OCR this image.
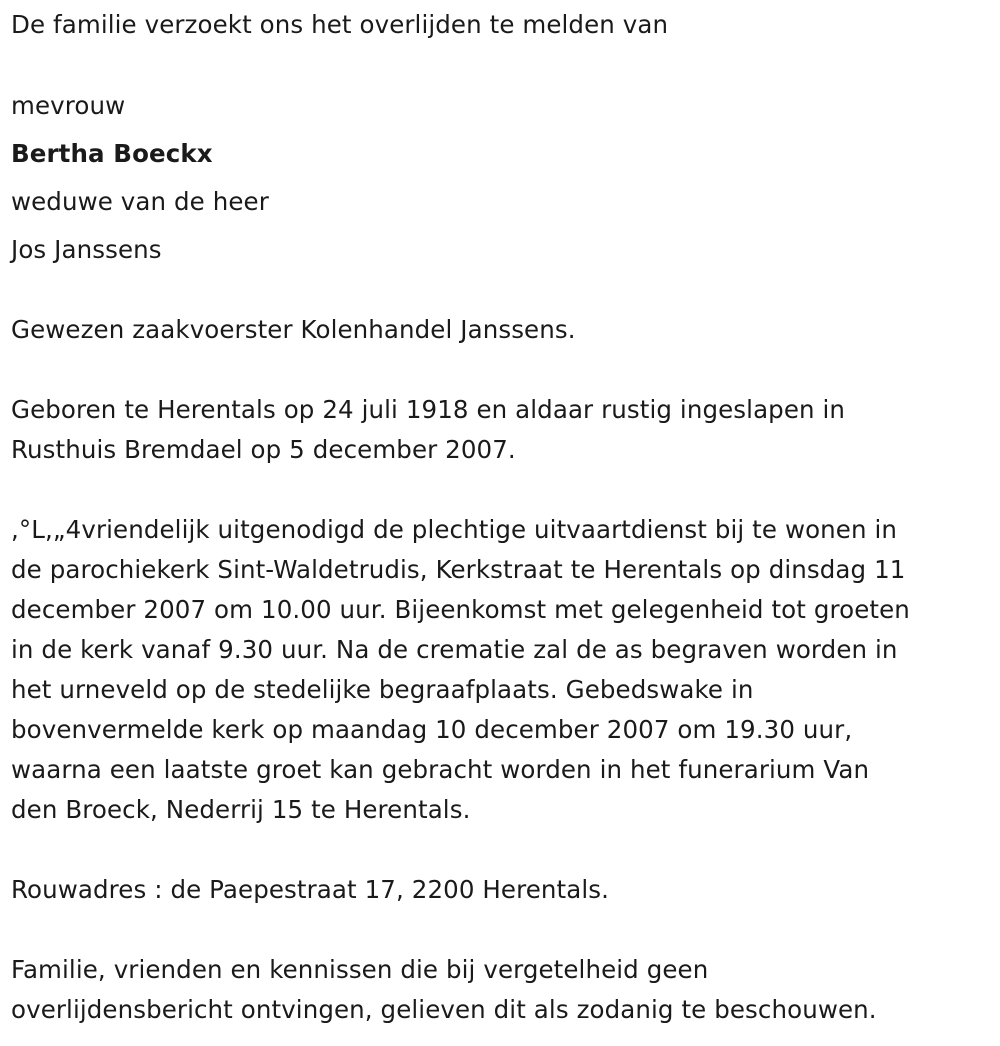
De familie verzoekt ons het overlijden te melden van
mevrouw
Bertha Boeckx
weduwe van de heer
Jos Janssens
Gewezen zaakvoerster Kolenhandel Janssens.
Geboren te Herentals op 24 juli 1918 en aldaar rustig ingeslapen in
Rusthuis Bremdael op 5 december 2007.
,°L,„4vriendelijk uitgenodigd de plechtige uitvaartdienst bij te wonen in
de parochiekerk Sint-Waldetrudis, Kerkstraat te Herentals op dinsdag 11
december 2007 om 10.00 uur. Bijeenkomst met gelegenheid tot groeten
in de kerk vanaf 9.30 uur. Na de crematie zal de as begraven worden in
het urneveld op de stedelijke begraafplaats. Gebedswake in
bovenvermelde kerk op maandag 10 december 2007 om 19.30 uur,
waarna een laatste groet kan gebracht worden in het funerarium Van
den Broeck, Nederrij 15 te Herentals.
Rouwadres : de Paepestraat 17, 2200 Herentals.
Familie, vrienden en kennissen die bij vergetelheid geen
overlijdensbericht ontvingen, gelieven dit als zodanig te beschouwen.
